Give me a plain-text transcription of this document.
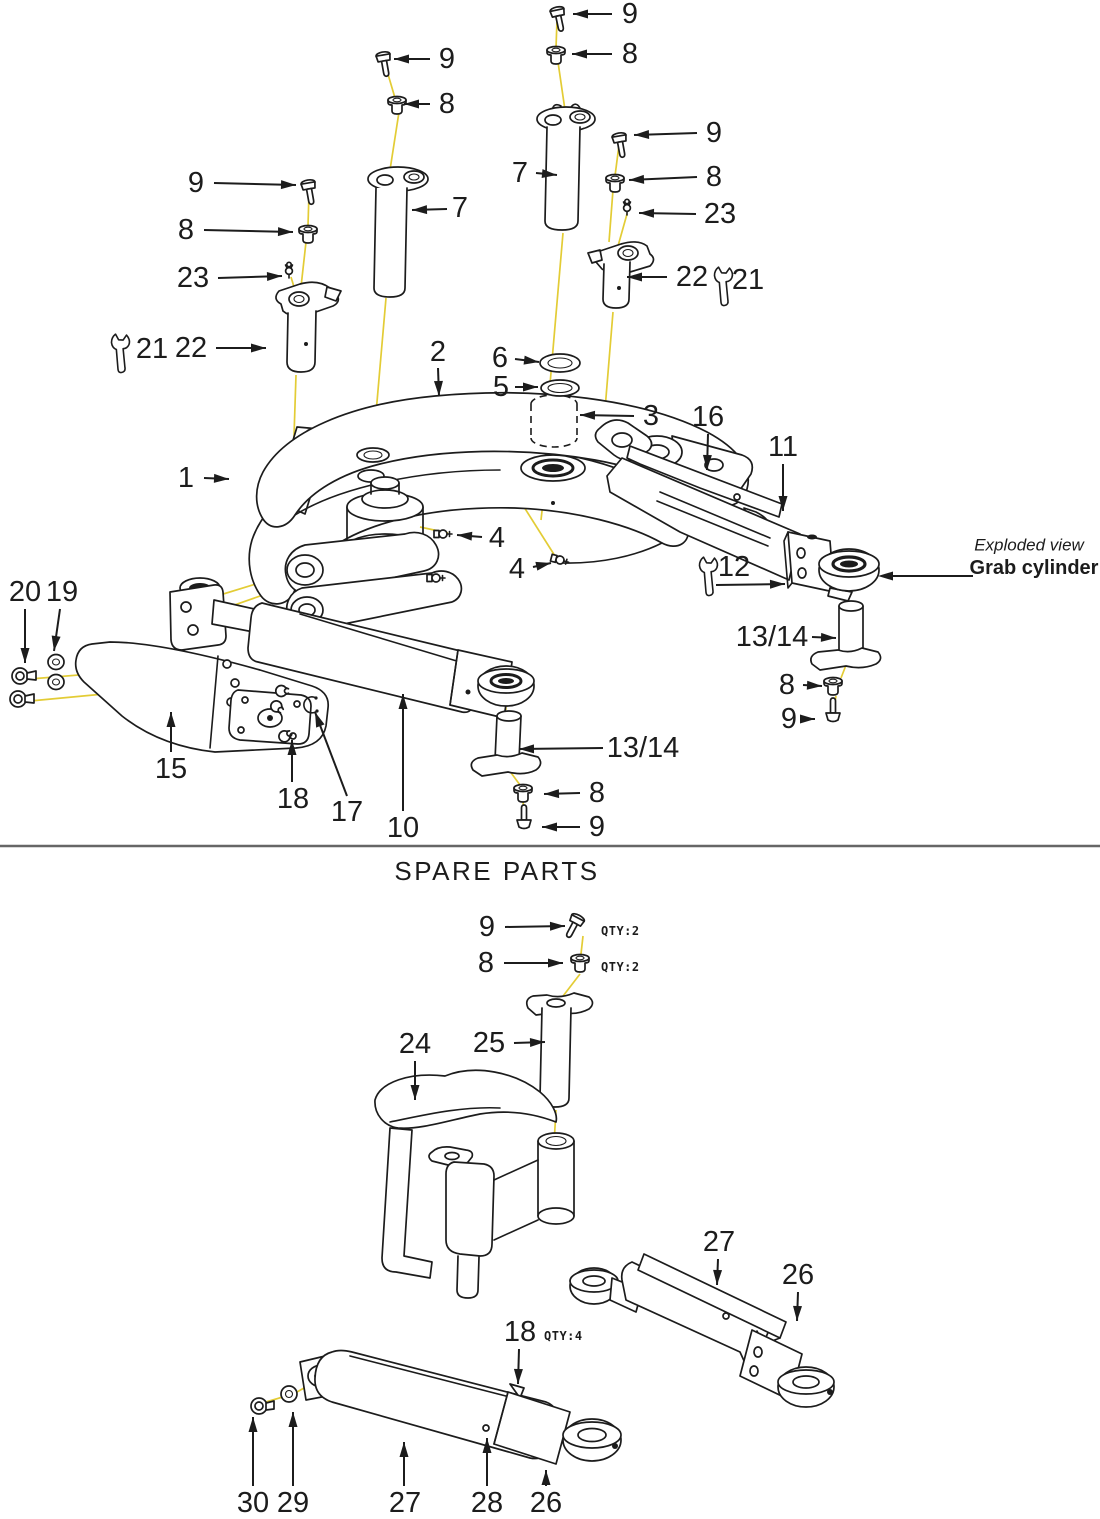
9
8
9
8
9
8
23
22
21
7
7
9
8
23
22 21
2 6
5
3 16
11
1
4
4	12
13/14
8
9
13/14
8
9
20 19
15
18 17 10
9	QTY:2
8	QTY:2
25
24
27
26
18 QTY:4
30 29	27 28 26
SPARE PARTS
Exploded view
Grab cylinder
